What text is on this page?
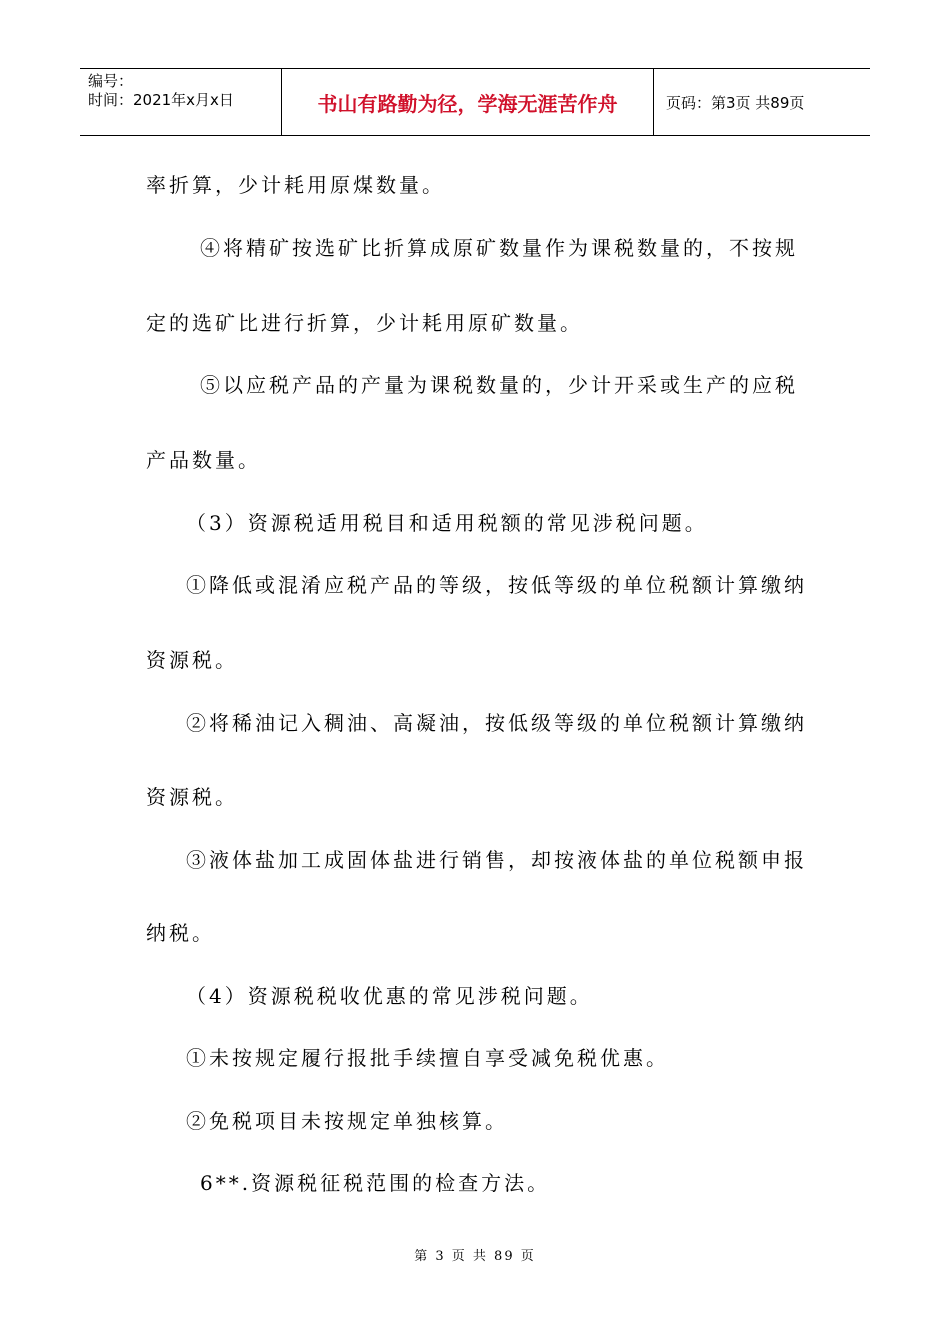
编号：
时间：2021年x月x日	书山有路勤为径，学海无涯苦作舟	页码：第3页 共89页
率折算，少计耗用原煤数量。
④将精矿按选矿比折算成原矿数量作为课税数量的，不按规
定的选矿比进行折算，少计耗用原矿数量。
⑤以应税产品的产量为课税数量的，少计开采或生产的应税
产品数量。
（3）资源税适用税目和适用税额的常见涉税问题。
①降低或混淆应税产品的等级，按低等级的单位税额计算缴纳
资源税。
②将稀油记入稠油、高凝油，按低级等级的单位税额计算缴纳
资源税。
③液体盐加工成固体盐进行销售，却按液体盐的单位税额申报
纳税。
（4）资源税税收优惠的常见涉税问题。
①未按规定履行报批手续擅自享受减免税优惠。
②免税项目未按规定单独核算。
6**.资源税征税范围的检查方法。
第 3 页 共 89 页
